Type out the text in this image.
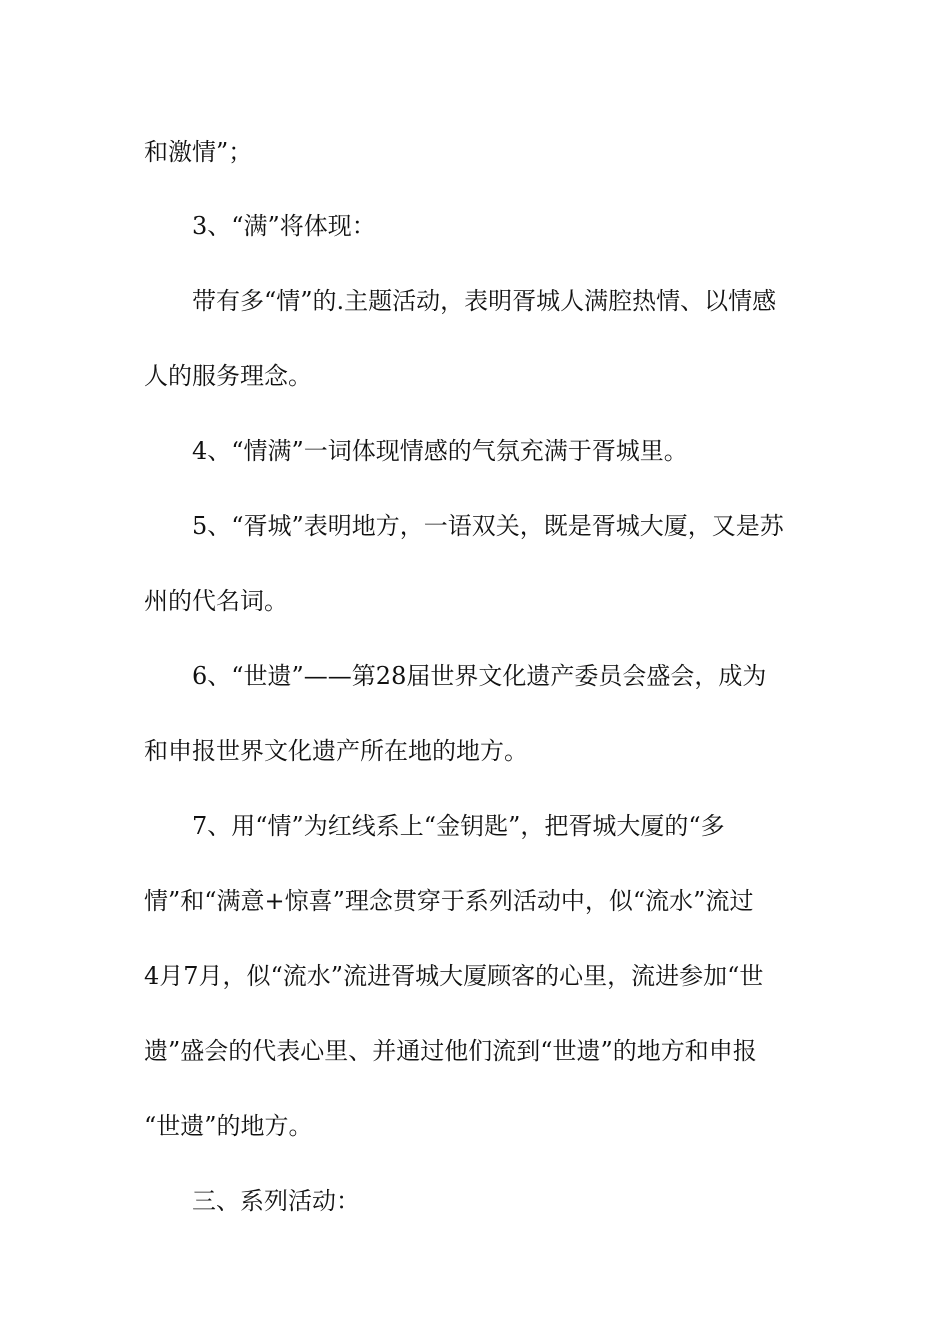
和激情”；
3、“满”将体现：
带有多“情”的.主题活动，表明胥城人满腔热情、以情感
人的服务理念。
4、“情满”一词体现情感的气氛充满于胥城里。
5、“胥城”表明地方，一语双关，既是胥城大厦，又是苏
州的代名词。
6、“世遗”——第28届世界文化遗产委员会盛会，成为
和申报世界文化遗产所在地的地方。
7、用“情”为红线系上“金钥匙”，把胥城大厦的“多
情”和“满意+惊喜”理念贯穿于系列活动中，似“流水”流过
4月7月，似“流水”流进胥城大厦顾客的心里，流进参加“世
遗”盛会的代表心里、并通过他们流到“世遗”的地方和申报
“世遗”的地方。
三、系列活动：
